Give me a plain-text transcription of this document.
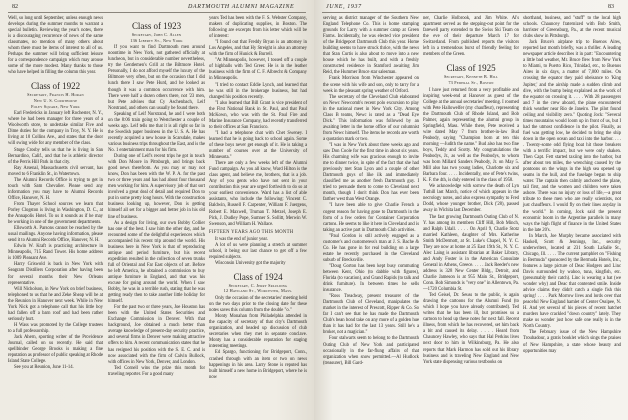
82	DARTMOUTH ALUMNI MAGAZINE

Well, so long until September, unless enough news develops during the summer months to warrant a special bulletin. Reviewing the year's notes, there is a discouraging recurrence of news of the same classmates, no mention of many others about whom there must be items of interest to all of us. Perhaps the summer will bring sufficient leisure for a correspondence campaign which may arouse some of the more modest. Many thanks to those who have helped in filling the column this year.

Class of 1922
Secretary, Francis H. Horan
New U. S. Courthouse
Foley Square, New York

Earl Fredericks in January left Rochester, N. Y., where he had been manager for three years of a Woolworth store, to undertake similar Five and Dime duties for the company in Troy, N. Y. He is living at 10 Collins Ave., and states that the door will swing wide for any member of the class.

Stuge Crosby tells us that he is living in San Bernardino, Calif., and that he is athletic director of the Perris Hill Park in that city.

Ray Arsenal, Massachusetts civil servant, has moved to 6 Franklin St., in Watertown.

The Alumni Records Office is trying to get in touch with Sam Chevalier. Please send any information you may have to Alumni Records Office, Hanover, N. H.

From Thayer School sources we learn that Porley Clogston is living in Washington, D. C., at the Annapolis Hotel. To us it sounds as if he may be working in one of the government departments.

Ellsworth A. Parsons cannot be reached by the usual mailings. Anyone having information, please send it to Alumni Records Office, Hanover, N. H.

Edwin W. Kraft is practicing architecture in Minneapolis, 715 Rand Tower. His home address is 1009 Pleasant Ave.

Harry Griswold is back in New York with Seagram Distillers Corporation after having been for several months their New Orleans representative.

Will Nicholson, in New York on brief business, telephoned to us that he and Zeke Sheap will be at the Reunion in Hanover next week. While in New York Nick got a telephone call that his little boy had fallen off a barn roof and had been rather seriously hurt.

H Wass was promoted by the College trustees to a full professorship.

Jack Ahern, sporting writer of the Providence Journal, called on us recently. He said that spellbinder George Brooks is making a fine reputation as professor of public speaking at Rhode Island State College.

See you at Reunion, June 11-14.

Class of 1923
Secretary, John C. Allen
136 Liberty St., New York

If you want to find Dartmouth men around noontime in New York, not gathered officially at luncheon, but in considerable number nevertheless, try the Gentlemen's Grill at the Biltmore Hotel. Personally, I do not afford myself the luxury of the Biltmore very often, but on the occasion that I did lunch there I saw Pete Hurd, and he looked as though it was a common occurrence with him. There were half a dozen others there, not '23 men, but Pete advises that Cy Aschenbach, Leif Norstrand, and others can usually be found there.

Speaking of Leif Norstrand, he and I were both on the 8:06 train going to Westchester a couple of weeks ago. Leif tells me that it is all right so far in the Swedish paper business in the U. S. A. He has recently acquired a new house in Scarsdale, makes various business trips throughout the East, and is the No. 1 entertainment man for his firm.

During one of Leif's recent trips he got in touch with Don Moore in Pittsburgh, and brings back good news therefrom. As you may or may not know, Don has been with the W. P. A. for the past two or three years and has had about four thousand men working for him. A supervisory job of that sort involved a great deal of detail and required Don to put in some pretty long hours. With the construction business looking up, however, Don is getting himself all set for a bigger and better job in his old line of business.

As a design for living, our own Bobby Collier has one of the best. I saw him the other day, and he recounted some of the delightful experiences which accompanied his recent trip around the world. His business here in New York is that of reproducing antique and period furniture, but his recent expedition resulted in the collection of seven trunks full of Oriental and Far East objects of art. Before he left America, he obtained a commission to buy antique furniture in England, and that was his excuse for going around the world. When I saw Bobby, he was in a terrible rush, stating that he was getting ready then to take another little holiday for himself.

For the past two or three years, Joe Houston has been with the United States Securities and Exchange Commission in Denver. With that background, Joe obtained a much better than average knowledge of present-day security practice, and several firms in Denver were making attractive offers to him. A recent communication states that he has resigned his position with the S. E. C. and is now associated with the firm of Calvin Bullock, with offices in New York, Denver, and London.

Ted Cornell wins the prize this month for traveling reporter. For a good many

years Ted has been with the F. S. Webster Company, makers of duplicating supplies, in Boston. The following are excerpts from his letter which will be of interest:

"I found out that Freddy Bryan is an attorney in Los Angeles, and that Hy Streight is also an attorney with the firm of Hunick & Burrell.

"At Minneapolis, however, I tossed off a couple of highballs with Ted Greer. He is in the leather business with the firm of C. F. Albrecht & Company in Minneapolis.

"I tried to contact Eddie Lynch, and learned that he was still in the brokerage business, but had changed his position recently.

"I also learned that Bill Grant is vice president of the First National Bank in St. Paul, and that Paul McKown, who was with the St. Paul Fire and Marine Insurance Company, had recently transferred to their offices at San Francisco.

"I had a telephone chat with Chet Sweney. I learned that he is going back to school again. Some of these boys never get enough of it. He is taking a number of courses over at the University of Minnesota."

There are only a few weeks left of the Alumni Fund campaign. As you all know, Ward Hilton is the class agent, and believe me, brothers, that is a job. Any of you gents who have not sent in your contribution this year are urged forthwith to do so at your earliest convenience. Ward has a list of able assistants, who include the following: Vincent C. Baldwin, Russell F. Carpenter, William F. Juergens, Robert E. Maxwell, Truman T. Metzel, Joseph E. Pick, J. Dudley Pope, Sumner S. Sollitt, Merwin W. Swenson, and William H. Wallace.

FIFTEEN YEARS AGO THIS MONTH

It was the end of junior year.

A lot of us were planning a stretch at summer school, it being our last chance to get off a few required subjects.

Wisconsin University got the majority

Class of 1924
Secretary, C. Jerry Spaulding
12 Haviland St., Worcester, Mass.

Only the occasion of the secretaries' meeting held on the two days prior to the closing date for these notes saves this column from the double "o."

Monty Monahan from Philadelphia attended in the capacity of secretary of that city's Dartmouth organization, and headed up discussion of club secretaries when they met in separate conclave. Monty has a considerable reputation for staging interesting meetings.

Ed Spargo, functioning for Bridgeport, Conn., crashed through with an item or two on news happenings in his area. Larry Stone is reputed has built himself a new home in Bridgeport, where he is now

JUNE, 1937	83

serving as district manager of the Southern New England Telephone Co. This is home stamping grounds for Larry with a summer camp at Green Farms. Incidentally, he was elected vice president of the Bridgeport Dartmouth Club this year. Home building seems to have struck thrice, with the news that Stan Curtis is also about to move into a new house which he has built, and with a freshly constructed residence in Stamford awaiting Jim Reid, the Hummer Bruce star salesman.

Frank Morrison from Winchester appeared on the scene with his wife and son, only to tarry for a week in the pleasant spring weather of Orford.

The secretary of the Cleveland Club elaborated on Newc Newcomb's recent polo excursion to play in the national meet in New York City. Among Class B teams, Newc is rated as a "Dead Eye Dick." This information was followed by an awaiting letter in the home office of our columnist from Newc himself. The items he records are worth a quotation mark or two.

"I was in New York about three weeks ago and saw Don Coole for the first time in about six years. His charming wife was gracious enough to invite me to dinner twice, in spite of the fact that she had previously met Stan Lyon and a couple of other Dartmouth guys of like ilk and immediately classified me as another fresh Dartmouth guy. I tried to persuade them to come to Cleveland next month, though I don't think Don has ever been farther west than West Orange.

"I have been able to give Charlie French a cogent reason for having gone to Dartmouth in the form of a few orders for Container Corporation cartons. He seems to like it here in Cleveland and is taking an active part in Dartmouth Club activities.

"Paul Gordon is still actively engaged as a customer's and customeress's man at J. S. Bache & Co. He has gone in for real building on a large estate he recently purchased in the Cleveland suburb of Brecksville.

"Doug Gorton has been kept busy commuting between Kent, Ohio (to dabble with figures), Florida (to vacation), and Grand Rapids (to talk and drink furniture). In between times he sells insurance.

"Ross Treadway, present treasurer of the Dartmouth Club of Cleveland, manipulates the market in the interest of Prescott, Ripper & Co. So far I can't see that he has made the Dartmouth Club's bean bond take on any more of a golden hue than it has had for the last 13 years. Still he's a broker, not a magician."

Four stalwarts seem to belong to the Dartmouth Outing Club of New York and participated occasionally in the far-flung affairs of that organization when snow permitted.—Al Hudlock (treasurer), Bill Gard-

ner, Charlie Holbrook, and Jim White. Al's apartment served as the stepping-out point for the farewell party extended to the Swiss Ski Team on the eve of their departure March 17 for Switzerland. From published reports the visitors left in a tremendous burst of friendly feeling for members of the Green.

Class of 1925
Secretary, Kenneth B. Hill
73 Federal St., Boston

I have just returned from a very profitable and inspiring week-end at Hanover as guest of the College at the annual secretaries' meeting. I roomed with Pete Hallowelfer (my chauffeur), representing the Dartmouth Club of Rhode Island, and Bob Palmer, again representing the alumni group in Springfield, Mass. While there, Pete received a wire dated May 7 from brother-in-law Bud Peabody, saying "Champion born at ten this morning —Judith the name." Bud also has two fine boys, Teddy and Scotty. My congratulations the Peabodys, Jr., as well as the Peabodys, to whom was born Millard Sanders Peabody, Jr. on May 5. Mill also has two young ladies, Charlotte six and Barbara four. . . . . Incidentally, one of Pete's twins, K. F. the 4th, is duly entered in the class of 1958.

We acknowledge with sorrow the death of Lyn Tuthill last March, notice of which appears in the necrology notes, and also express sympathy to Fred Dodd, whose younger brother, Dick ('28), passed away in Wichita last December.

The fast growing Dartmouth Outing Club of N. Y. has among its members Cliff Hill, Bob Minch, and Ralph Udall. . . . . On April 9, Charlie Stotz married Kathleen, daughter of Mrs. Katherine Smith McDermott, at St. Luke's Chapel, N. Y. C. They are now at home at 25 East 19th St., N. Y. C. Alec Laing is assistant librarian at Baker Library, and Andy Foster is in the American Consulate General in Athens, Greece. . . . . Jack Reeder's new address is 328 New Center Bldg., Detroit, and Charlie Jameson is at 955 Main St., Bridgeport, Conn. Bob Simonds is "very one" in Allentown, Pa.—1720 Columbia St.

Ted Geisel, Dr. Seuss to the public, is again drawing the cartoons for the Alumni Fund (to which I hope you have already contributed). Ted writes that he has been ill, but promises us a cartoon to head up these notes for next fall. Recent illness, from which he has recovered, set him back a bit and caused its delay. . . . . Heard from Chauncey Hawley, who says that Hal Perkins lives next door to him in Wilkinsburg, Pa. He also reports that Mark Harmon has sold out his library business and is traveling New England and New York state dispensing various textbooks on

shorthand, business, and "stuff" to the local high schools. Chauncey fraternized with Bob Smith, barrister of Greensburg, Pa., at the recent musical clubs show in Pittsburgh.

Jack Bruce's airplane trip to Buenos Aires, reported last month briefly, was a thriller. A leading newspaper article describes it in part: "Encountering a little bad weather, Mr. Bruce flew from New York to Miami, to Puerto Rico, Trinidad, etc., to Buenos Aires in six days, a matter of 7,000 miles. On crossing the equator they paid obeisance to 'King Jupiter,' and the airship made a sudden climb and dive, with the bump being explained as the work of the equator on crossing it. . . . . With 28 passengers and 7 in the crew aboard, the plane encountered thick weather near Rio de Janeiro. The pilot found ceiling and visibility zero." Quoting Jock: "Several times mountains would loom up in front of us, but I had the utmost confidence in the pilot. Finally, as fuel was getting low, he decided to bring the ship down in the open ocean and taxi into the harbor. . . . . Twenty-some odd flying boat hit those breakers with a terrific impact, but we were only shaken. Then Capt. Fett started taxiing into the harbor, but after about ten miles, the wrenching caused by the pontoons on the wings in the high sea opened up seams in the hull, and the fuselage began to ship water. The captain then calmly anchored the plane, tail first, and the women and children were taken ashore. There was no injury or loss of life,—a great tribute to these men who are really scientists, not just chauffeurs. I would fly on their lines anyday in the world." In coming, Jock said the present economic boom in the Argentine parallels in many ways the high flight of finance in the United States in the late 20's.

In March, Joe Murphy became associated with Haskell, Scott & Jennings, Inc., security underwriters, located at 231 South LaSalle St., Chicago, Ill. . . . . The current pamphlet on "Fishing in Bermuda" sponsored by the Bermuda Hotels, Inc., features a large picture of Deac Hodgers and Linc Davis surrounded by wahoo, tuna, kingfish, etc. (presumably their catch). Linc is wearing a hat (we wonder why) and Deac that contented smile. Inside advice claims they didn't catch a single fish this spring! . . . . Park Morrow lives and lords over that peaceful New England hamlet of Center Ossipee, N. H. And yet several of his pieces of recent hatchet murders have crackled "down country" lately. They make us wonder just how safe one really is in the North Country.

The February issue of the New Hampshire Troubadour, a gratis booklet which sings the praises of New Hampshire, a state whose beauty and opportunities may
